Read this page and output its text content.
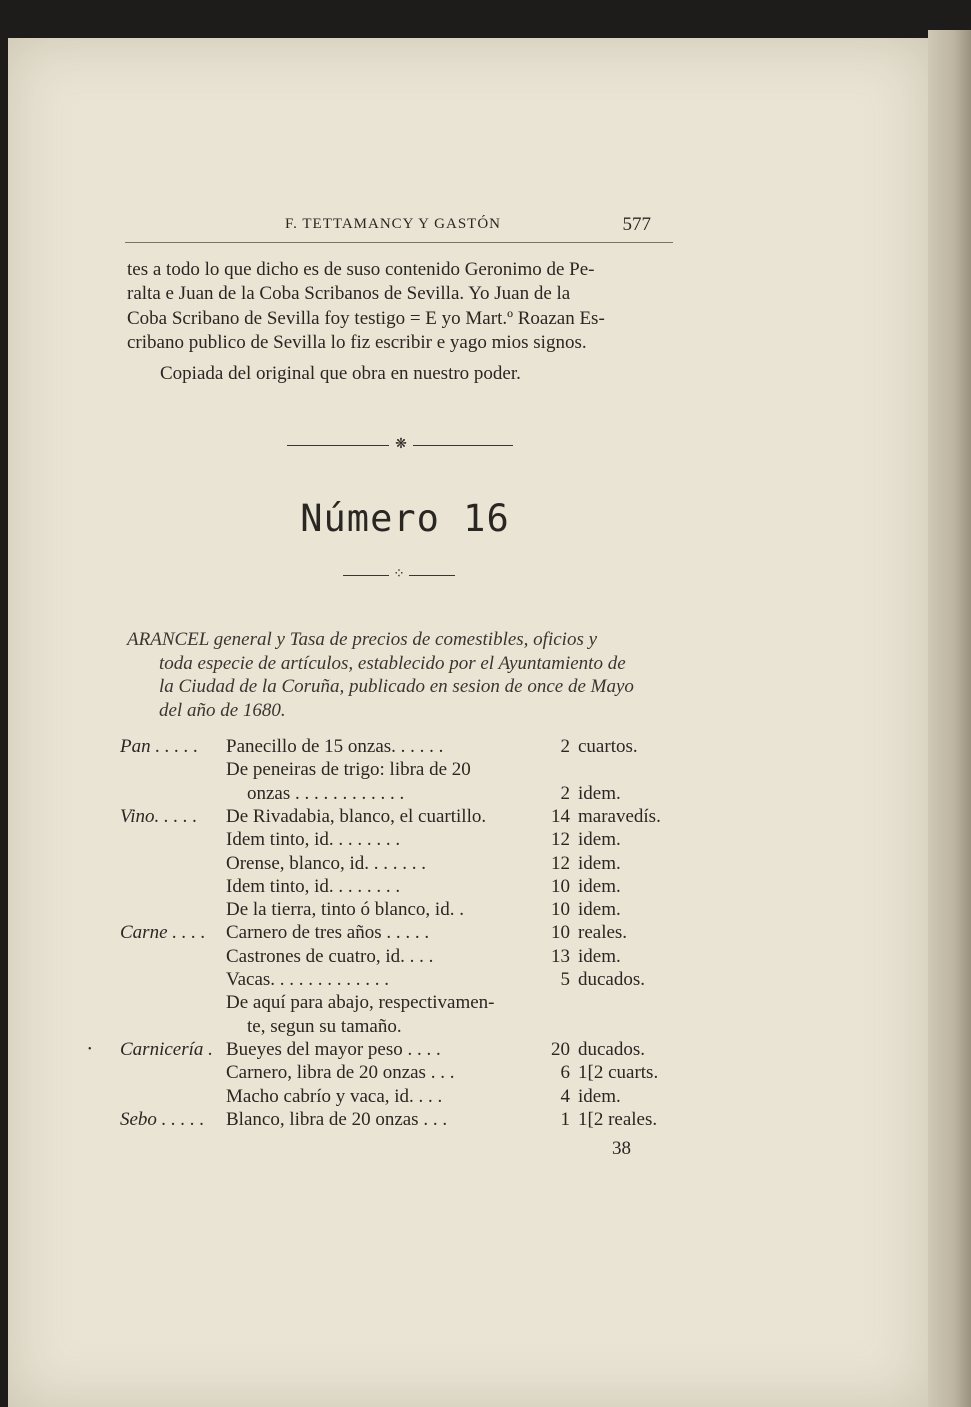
F. TETTAMANCY Y GASTÓN	577
tes a todo lo que dicho es de suso contenido Geronimo de Pe-
ralta e Juan de la Coba Scribanos de Sevilla. Yo Juan de la
Coba Scribano de Sevilla foy testigo = E yo Mart.º Roazan Es-
cribano publico de Sevilla lo fiz escribir e yago mios signos.
Copiada del original que obra en nuestro poder.
❋
Número 16
⁘
ARANCEL general y Tasa de precios de comestibles, oficios y
toda especie de artículos, establecido por el Ayuntamiento de
la Ciudad de la Coruña, publicado en sesion de once de Mayo
del año de 1680.
Pan . . . . .	Panecillo de 15 onzas. . . . . .	2 cuartos.
De peneiras de trigo: libra de 20
onzas . . . . . . . . . . . .	2 idem.
Vino. . . . .	De Rivadabia, blanco, el cuartillo.	14 maravedís.
Idem tinto, id. . . . . . . .	12 idem.
Orense, blanco, id. . . . . . .	12 idem.
Idem tinto, id. . . . . . . .	10 idem.
De la tierra, tinto ó blanco, id. .	10 idem.
Carne . . . .	Carnero de tres años . . . . .	10 reales.
Castrones de cuatro, id. . . .	13 idem.
Vacas. . . . . . . . . . . . .	5 ducados.
De aquí para abajo, respectivamen-
te, segun su tamaño.
Carnicería . Bueyes del mayor peso . . . .	20 ducados.
Carnero, libra de 20 onzas . . .	6 1[2 cuarts.
Macho cabrío y vaca, id. . . .	4 idem.
Sebo . . . . .	Blanco, libra de 20 onzas . . .	1 1[2 reales.
•
38
